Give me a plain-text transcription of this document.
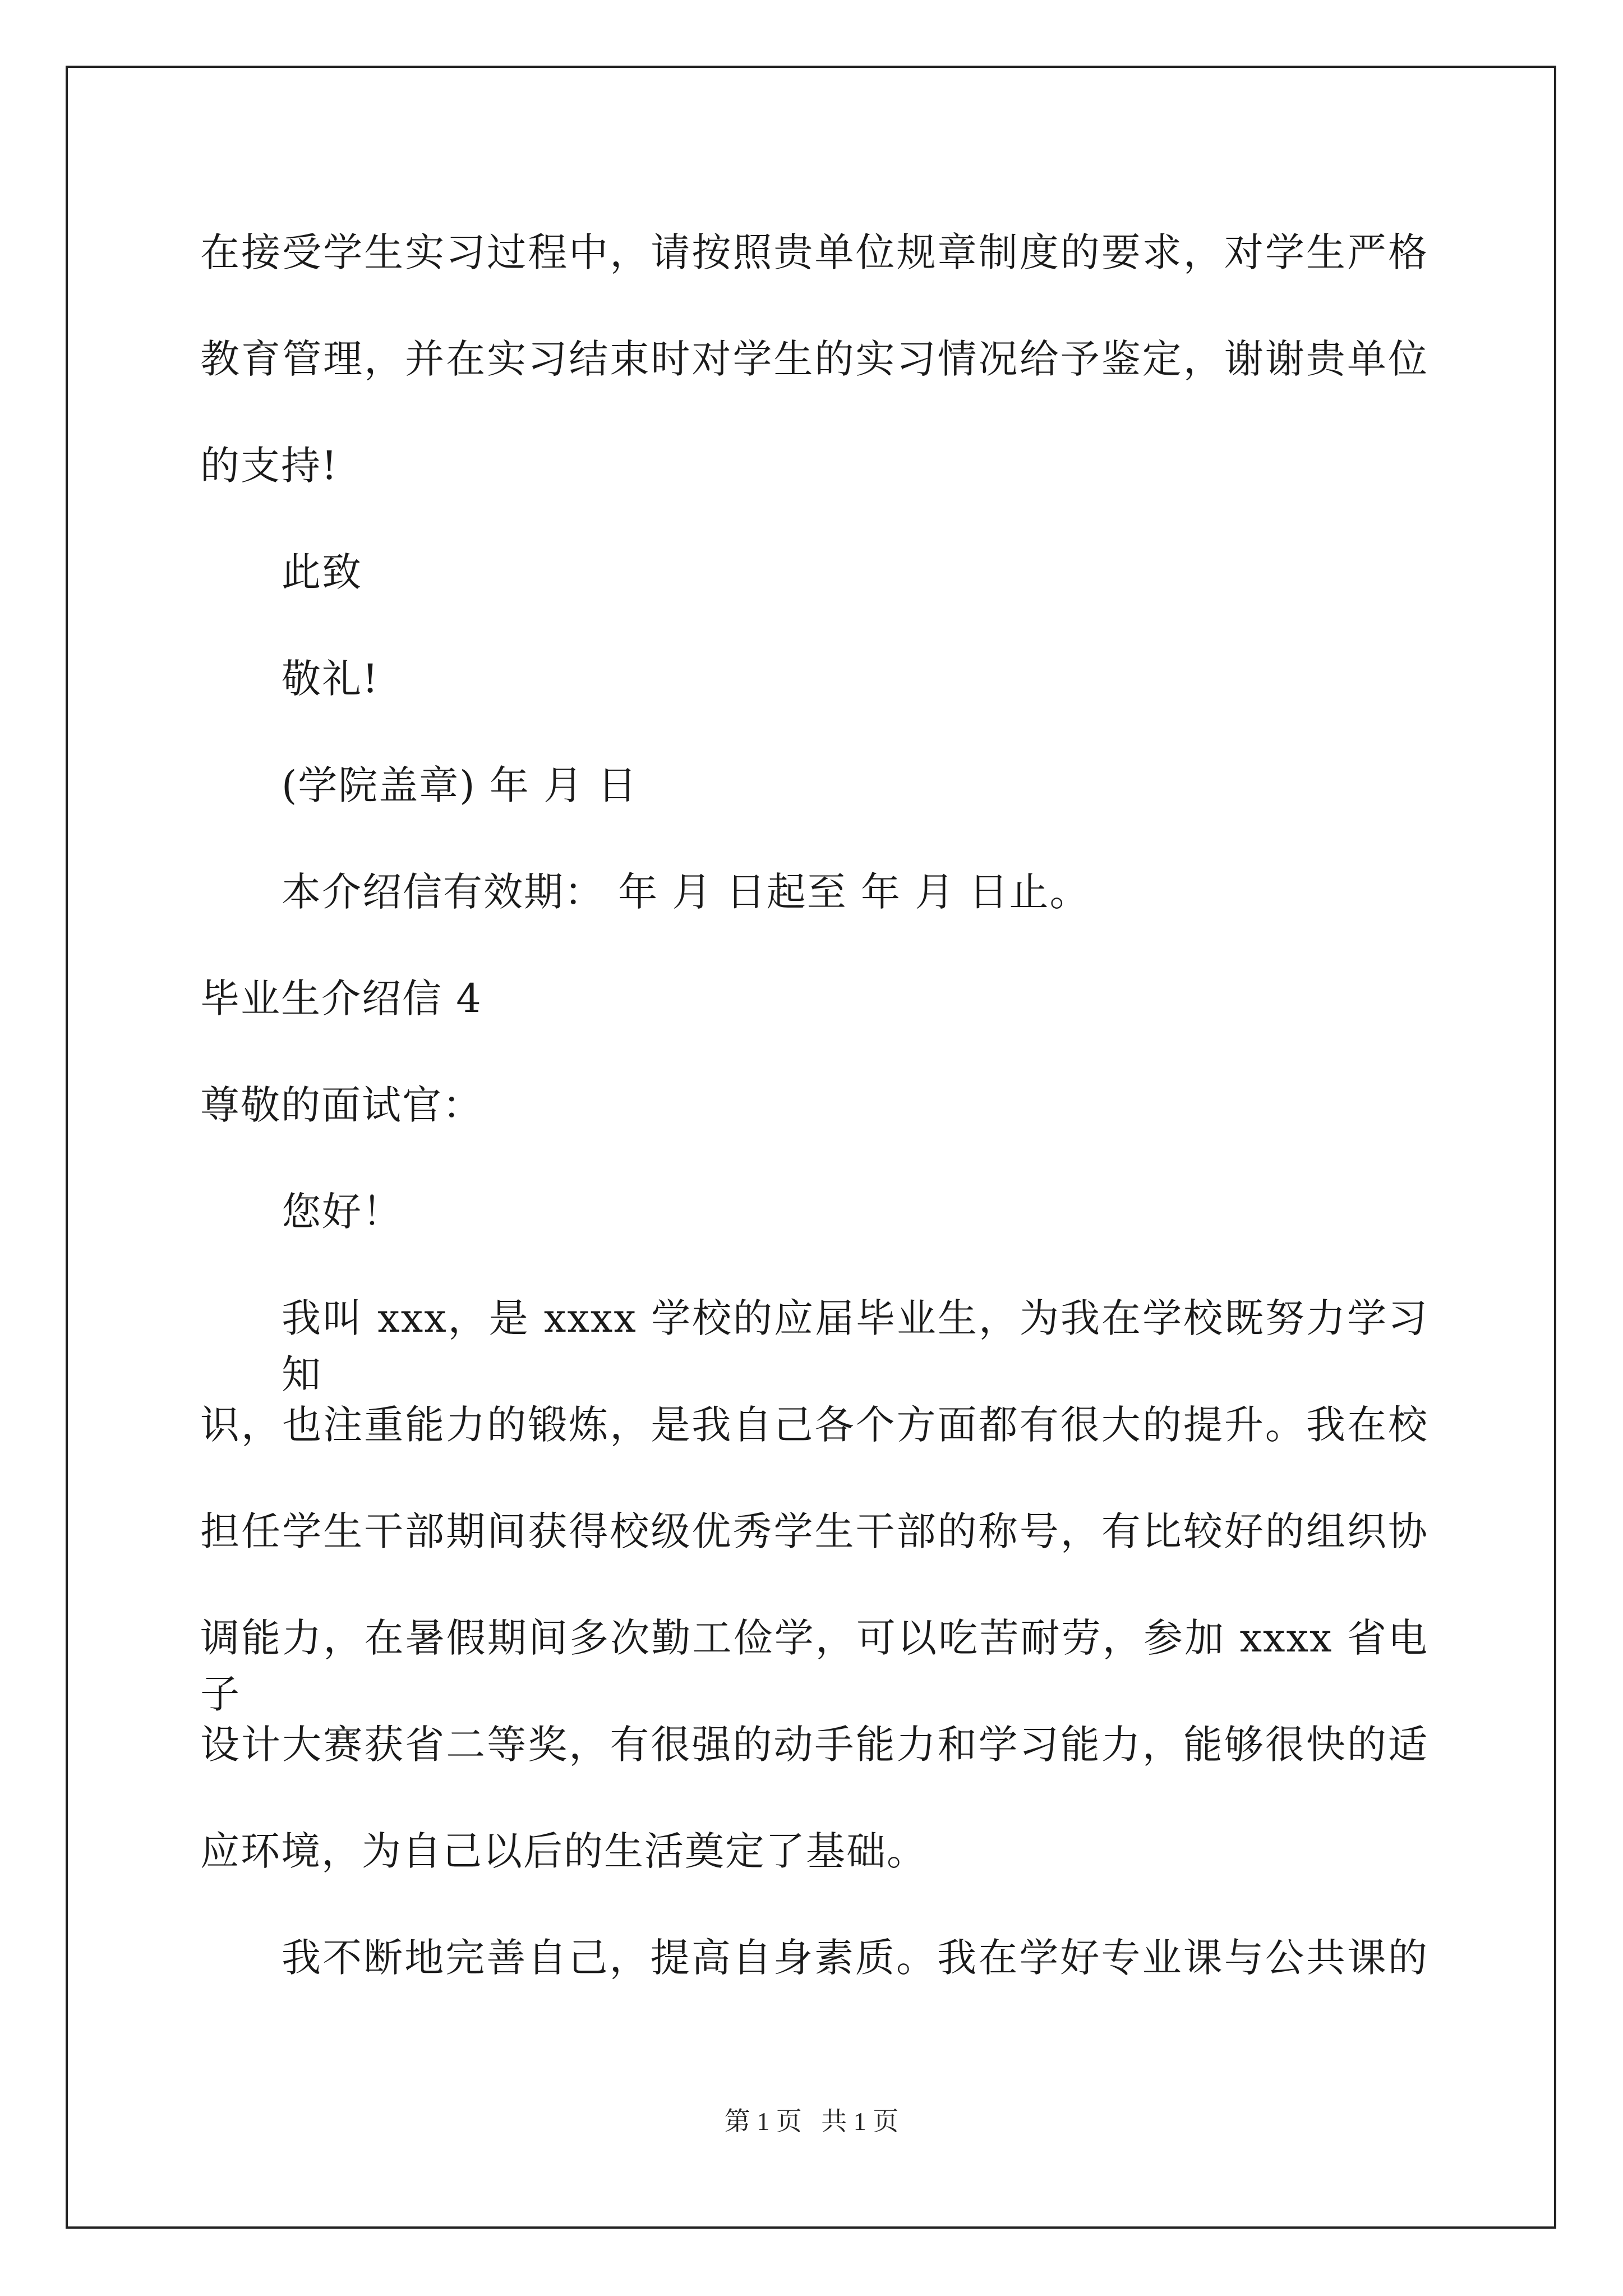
在接受学生实习过程中，请按照贵单位规章制度的要求，对学生严格
教育管理，并在实习结束时对学生的实习情况给予鉴定，谢谢贵单位
的支持!
此致
敬礼!
(学院盖章) 年 月 日
本介绍信有效期： 年 月 日起至 年 月 日止。
毕业生介绍信 4
尊敬的面试官：
您好！
我叫 xxx，是 xxxx 学校的应届毕业生，为我在学校既努力学习知
识，也注重能力的锻炼，是我自己各个方面都有很大的提升。我在校
担任学生干部期间获得校级优秀学生干部的称号，有比较好的组织协
调能力，在暑假期间多次勤工俭学，可以吃苦耐劳，参加 xxxx 省电子
设计大赛获省二等奖，有很强的动手能力和学习能力，能够很快的适
应环境，为自己以后的生活奠定了基础。
我不断地完善自己，提高自身素质。我在学好专业课与公共课的
第 1 页   共 1 页
